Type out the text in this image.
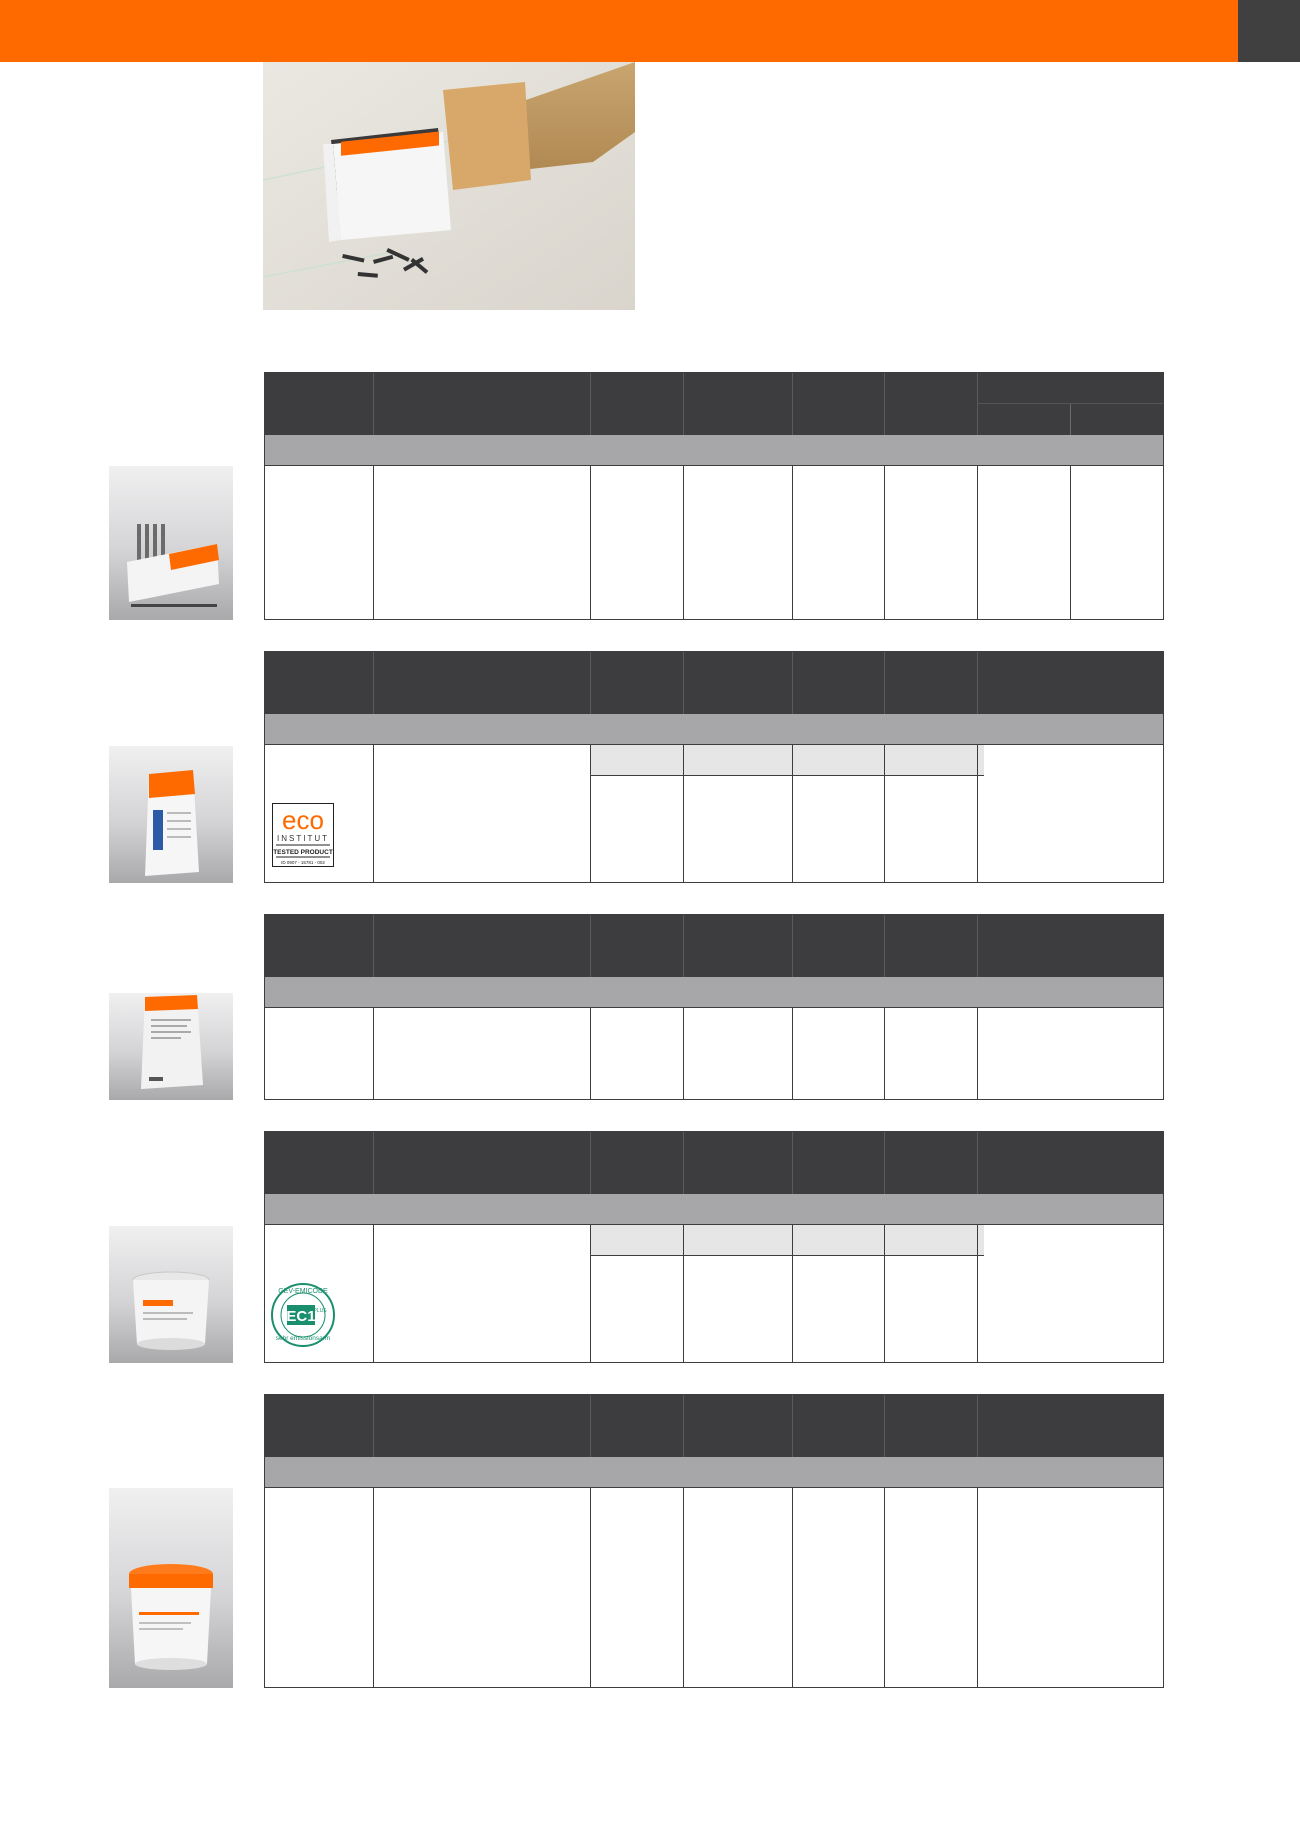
eco
INSTITUT
TESTED PRODUCT
ID 0907 - 15781 - 002
GEV-EMICODE
EC1
PLUS
sehr emissionsarm
